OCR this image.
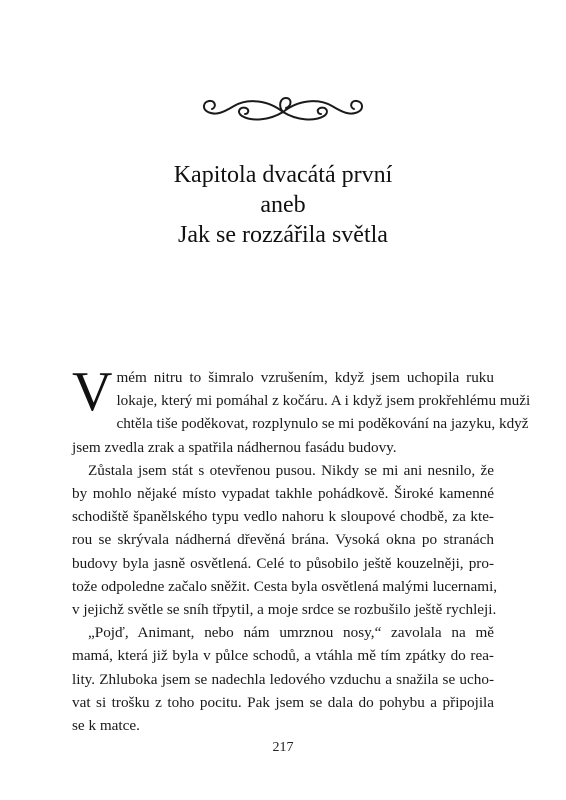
Kapitola dvacátá první
aneb
Jak se rozzářila světla
V mém nitru to šimralo vzrušením, když jsem uchopila ruku
lokaje, který mi pomáhal z kočáru. A i když jsem prokřehlému muži
chtěla tiše poděkovat, rozplynulo se mi poděkování na jazyku, když
jsem zvedla zrak a spatřila nádhernou fasádu budovy.
Zůstala jsem stát s otevřenou pusou. Nikdy se mi ani nesnilo, že
by mohlo nějaké místo vypadat takhle pohádkově. Široké kamenné
schodiště španělského typu vedlo nahoru k sloupové chodbě, za kte-
rou se skrývala nádherná dřevěná brána. Vysoká okna po stranách
budovy byla jasně osvětlená. Celé to působilo ještě kouzelněji, pro-
tože odpoledne začalo sněžit. Cesta byla osvětlená malými lucernami,
v jejichž světle se sníh třpytil, a moje srdce se rozbušilo ještě rychleji.
„Pojď, Animant, nebo nám umrznou nosy,“ zavolala na mě
mamá, která již byla v půlce schodů, a vtáhla mě tím zpátky do rea-
lity. Zhluboka jsem se nadechla ledového vzduchu a snažila se ucho-
vat si trošku z toho pocitu. Pak jsem se dala do pohybu a připojila
se k matce.
217
